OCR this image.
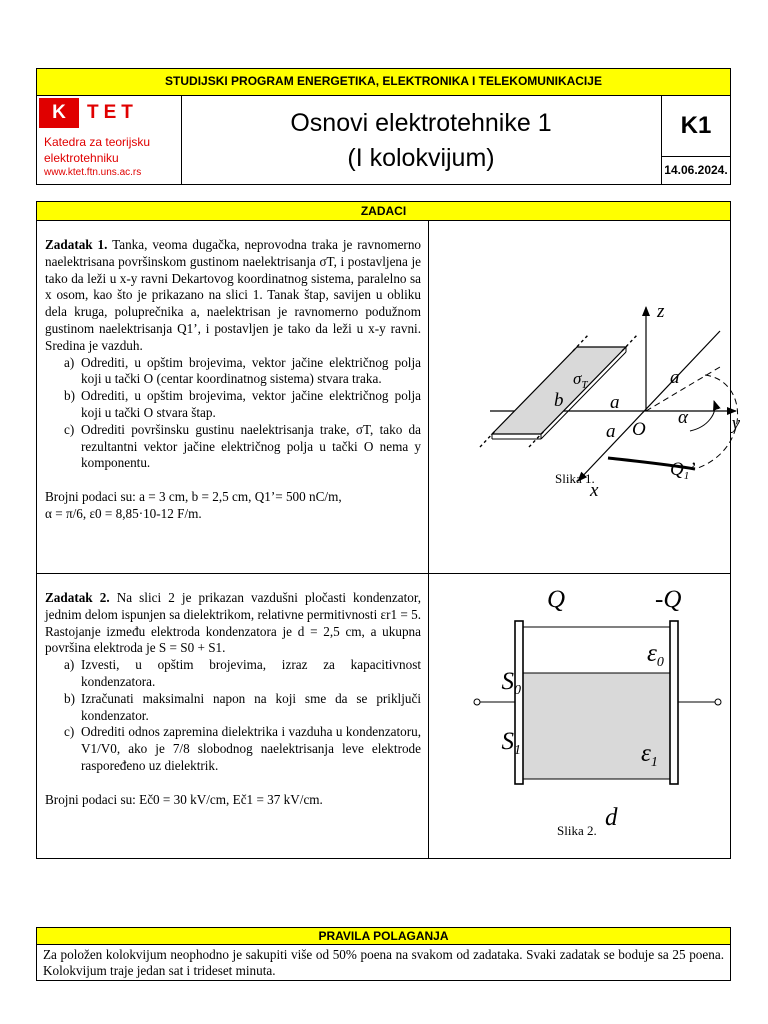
STUDIJSKI PROGRAM ENERGETIKA, ELEKTRONIKA I TELEKOMUNIKACIJE
K	TET
Katedra za teorijsku elektrotehniku
www.ktet.ftn.uns.ac.rs
Osnovi elektrotehnike 1
(I kolokvijum)
K1
14.06.2024.
ZADACI

Zadatak 1. Tanka, veoma dugačka, neprovodna traka je ravnomerno naelektrisana površinskom gustinom naelektrisanja σT, i postavljena je tako da leži u x-y ravni Dekartovog koordinatnog sistema, paralelno sa x osom, kao što je prikazano na slici 1. Tanak štap, savijen u obliku dela kruga, poluprečnika a, naelektrisan je ravnomerno podužnom gustinom naelektrisanja Q1’, i postavljen je tako da leži u x-y ravni. Sredina je vazduh.

a) Odrediti, u opštim brojevima, vektor jačine električnog polja koji u tački O (centar koordinatnog sistema) stvara traka.
b) Odrediti, u opštim brojevima, vektor jačine električnog polja koji u tački O stvara štap.
c) Odrediti površinsku gustinu naelektrisanja trake, σT, tako da rezultantni vektor jačine električnog polja u tački O nema y komponentu.

Brojni podaci su: a = 3 cm, b = 2,5 cm, Q1’= 500 nC/m,

α = π/6, ε0 = 8,85·10-12 F/m.

z
y
x
α
$\sigma_T$
b a
a
a
O
$Q_1$’
Slika 1.

Zadatak 2. Na slici 2 je prikazan vazdušni pločasti kondenzator, jednim delom ispunjen sa dielektrikom, relativne permitivnosti εr1 = 5. Rastojanje između elektroda kondenzatora je d = 2,5 cm, a ukupna površina elektroda je S = S0 + S1.

a) Izvesti, u opštim brojevima, izraz za kapacitivnost kondenzatora.
b) Izračunati maksimalni napon na koji sme da se priključi kondenzator.
c) Odrediti odnos zapremina dielektrika i vazduha u kondenzatoru, V1/V0, ako je 7/8 slobodnog naelektrisanja leve elektrode raspoređeno uz dielektrik.

Brojni podaci su: Eč0 = 30 kV/cm, Eč1 = 37 kV/cm.

Q	-Q
$S_0$
$S_1$
$\varepsilon_0$
$\varepsilon_1$
d
Slika 2.
PRAVILA POLAGANJA
Za položen kolokvijum neophodno je sakupiti više od 50% poena na svakom od zadataka. Svaki zadatak se boduje sa 25 poena. Kolokvijum traje jedan sat i trideset minuta.
